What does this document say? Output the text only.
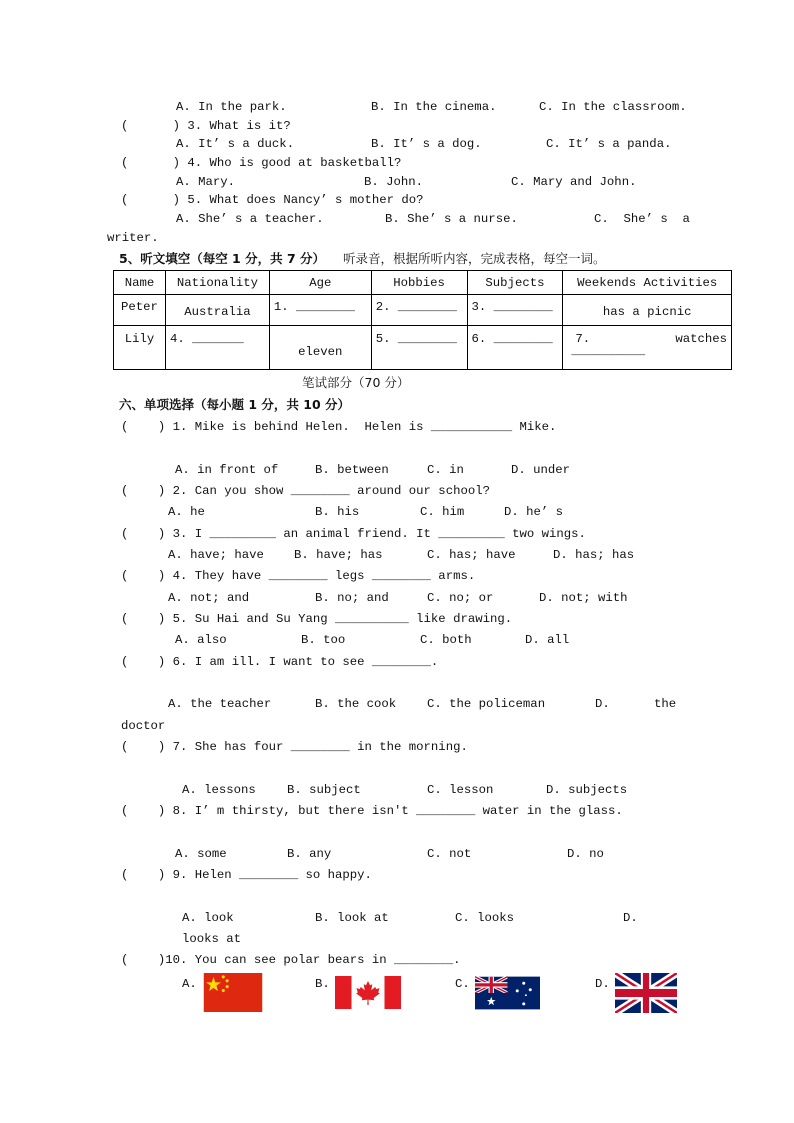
A. In the park.	B. In the cinema.	C. In the classroom.
(      ) 3. What is it?
A. It’ s a duck.	B. It’ s a dog.	C. It’ s a panda.
(      ) 4. Who is good at basketball?
A. Mary.	B. John.	C. Mary and John.
(      ) 5. What does Nancy’ s mother do?
A. She’ s a teacher.	B. She’ s a nurse.	C.  She’ s  a
writer.
5、听文填空（每空 1 分，共 7 分） 听录音，根据所听内容，完成表格，每空一词。
Name	Nationality	Age	Hobbies	Subjects	Weekends Activities
Peter	Australia	1. ________	2. ________	3. ________	has a picnic
Lily	4. _______	eleven	5. ________	6. ________	7. watches
__________
笔试部分（70 分）
六、单项选择（每小题 1 分，共 10 分）
(    ) 1. Mike is behind Helen.  Helen is ___________ Mike.
A. in front of	B. between	C. in	D. under
(    ) 2. Can you show ________ around our school?
A. he	B. his	C. him	D. he’ s
(    ) 3. I _________ an animal friend. It _________ two wings.
A. have; have B. have; has	C. has; have	D. has; has
(    ) 4. They have ________ legs ________ arms.
A. not; and	B. no; and	C. no; or	D. not; with
(    ) 5. Su Hai and Su Yang __________ like drawing.
A. also	B. too	C. both	D. all
(    ) 6. I am ill. I want to see ________.
A. the teacher	B. the cook	C. the policeman	D.	the
doctor
(    ) 7. She has four ________ in the morning.
A. lessons	B. subject	C. lesson	D. subjects
(    ) 8. I’ m thirsty, but there isn't ________ water in the glass.
A. some	B. any	C. not	D. no
(    ) 9. Helen ________ so happy.
A. look	B. look at	C. looks	D.
looks at
(    )10. You can see polar bears in ________.
A.	B.	C.	D.
